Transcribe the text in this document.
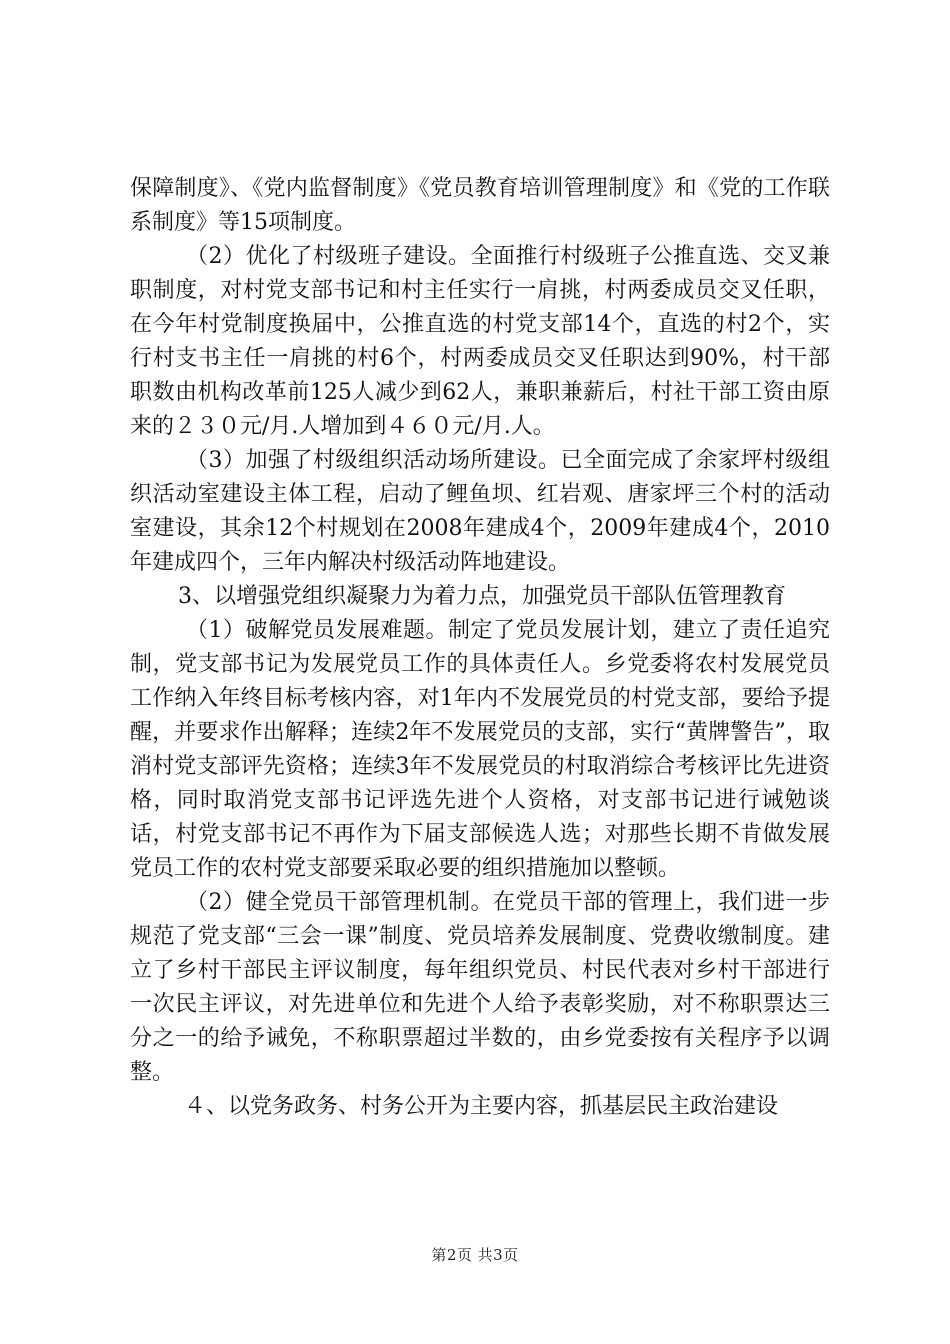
保障制度》、《党内监督制度》《党员教育培训管理制度》和《党的工作联系制度》等15项制度。

（2）优化了村级班子建设。全面推行村级班子公推直选、交叉兼职制度，对村党支部书记和村主任实行一肩挑，村两委成员交叉任职，在今年村党制度换届中，公推直选的村党支部14个，直选的村2个，实行村支书主任一肩挑的村6个，村两委成员交叉任职达到90%，村干部职数由机构改革前125人减少到62人，兼职兼薪后，村社干部工资由原来的２３０元/月.人增加到４６０元/月.人。

（3）加强了村级组织活动场所建设。已全面完成了余家坪村级组织活动室建设主体工程，启动了鲤鱼坝、红岩观、唐家坪三个村的活动室建设，其余12个村规划在2008年建成4个，2009年建成4个，2010年建成四个，三年内解决村级活动阵地建设。

3、以增强党组织凝聚力为着力点，加强党员干部队伍管理教育

（1）破解党员发展难题。制定了党员发展计划，建立了责任追究制，党支部书记为发展党员工作的具体责任人。乡党委将农村发展党员工作纳入年终目标考核内容，对1年内不发展党员的村党支部，要给予提醒，并要求作出解释；连续2年不发展党员的支部，实行“黄牌警告”，取消村党支部评先资格；连续3年不发展党员的村取消综合考核评比先进资格，同时取消党支部书记评选先进个人资格，对支部书记进行诫勉谈话，村党支部书记不再作为下届支部候选人选；对那些长期不肯做发展党员工作的农村党支部要采取必要的组织措施加以整顿。

（2）健全党员干部管理机制。在党员干部的管理上，我们进一步规范了党支部“三会一课”制度、党员培养发展制度、党费收缴制度。建立了乡村干部民主评议制度，每年组织党员、村民代表对乡村干部进行一次民主评议，对先进单位和先进个人给予表彰奖励，对不称职票达三分之一的给予诫免，不称职票超过半数的，由乡党委按有关程序予以调整。

４、以党务政务、村务公开为主要内容，抓基层民主政治建设

第2页 共3页
